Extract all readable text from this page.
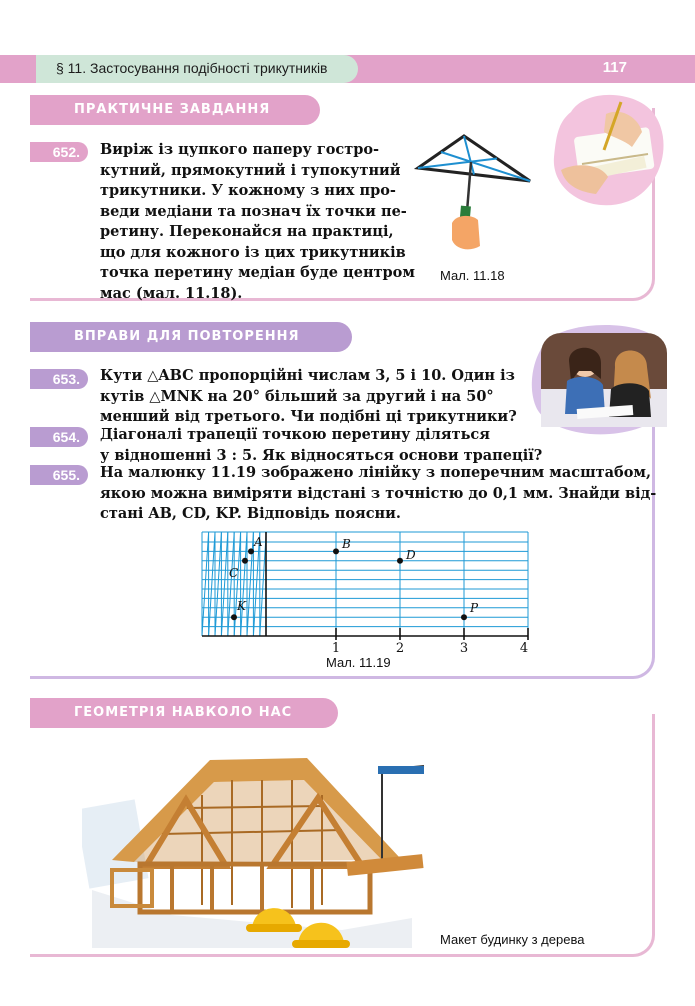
§ 11. Застосування подібності трикутників	117
ПРАКТИЧНЕ ЗАВДАННЯ
652.	Виріж із цупкого паперу гостро-
кутний, прямокутний і тупокутний
трикутники. У кожному з них про-
веди медіани та познач їх точки пе-
ретину. Переконайся на практиці,
що для кожного із цих трикутників
точка перетину медіан буде центром
мас (мал. 11.18).
Мал. 11.18
ВПРАВИ ДЛЯ ПОВТОРЕННЯ
653.	Кути △ABC пропорційні числам 3, 5 і 10. Один із
кутів △MNK на 20° більший за другий і на 50°
менший від третього. Чи подібні ці трикутники?
654.	Діагоналі трапеції точкою перетину діляться
у відношенні 3 : 5. Як відносяться основи трапеції?
655.	На малюнку 11.19 зображено лінійку з поперечним масштабом,
якою можна виміряти відстані з точністю до 0,1 мм. Знайди від-
стані AB, CD, KP. Відповідь поясни.
A
C
K
B
D
P
1	2	3	4
Мал. 11.19
ГЕОМЕТРІЯ НАВКОЛО НАС
Макет будинку з дерева
